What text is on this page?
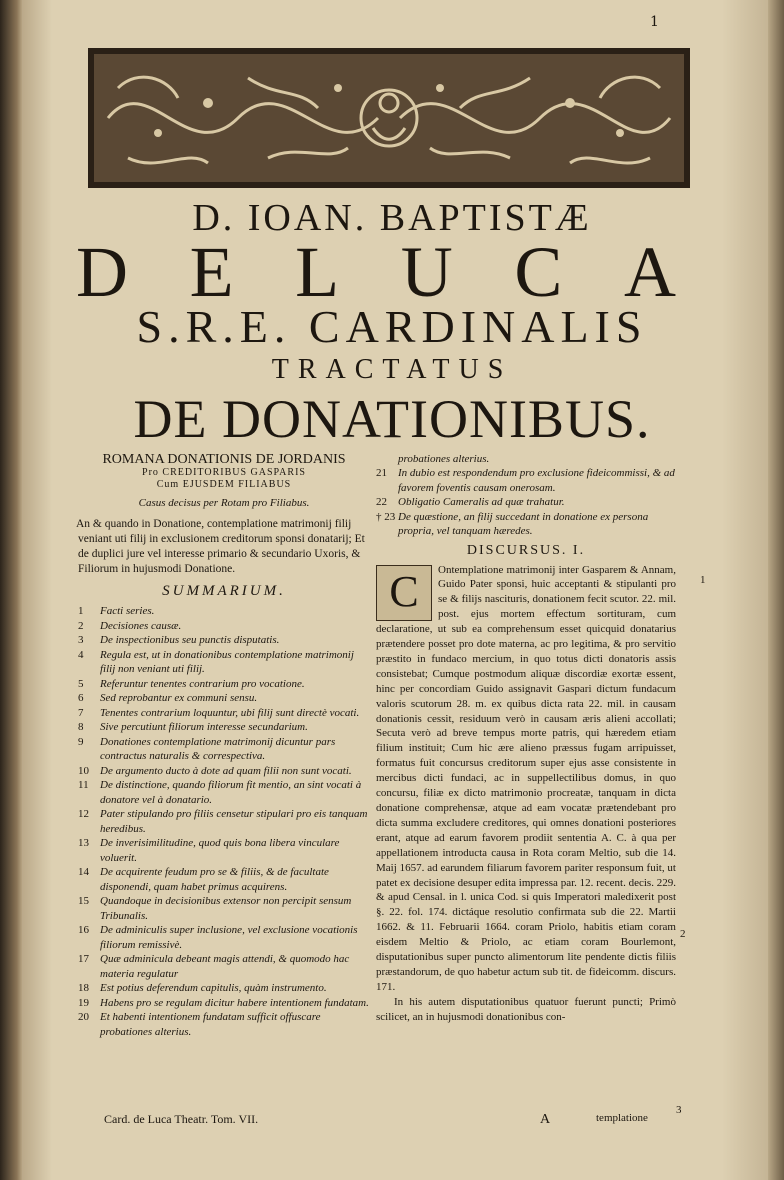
1
D. IOAN. BAPTISTÆ
D E L U C A
S.R.E. CARDINALIS
TRACTATUS
DE DONATIONIBUS.
ROMANA DONATIONIS DE JORDANIS
Pro CREDITORIBUS GASPARIS
Cum EJUSDEM FILIABUS
Casus decisus per Rotam pro Filiabus.
An & quando in Donatione, contemplatione matrimonij filij veniant uti filij in exclusionem creditorum sponsi donatarij; Et de duplici jure vel interesse primario & secundario Uxoris, & Filiorum in hujusmodi Donatione.
SUMMARIUM.
1	Facti series.
2	Decisiones causæ.
3	De inspectionibus seu punctis disputatis.
4	Regula est, ut in donationibus contemplatione matrimonij filij non veniant uti filij.
5	Referuntur tenentes contrarium pro vocatione.
6	Sed reprobantur ex communi sensu.
7	Tenentes contrarium loquuntur, ubi filij sunt directè vocati.
8	Sive percutiunt filiorum interesse secundarium.
9	Donationes contemplatione matrimonij dicuntur pars contractus naturalis & correspectiva.
10	De argumento ducto à dote ad quam filii non sunt vocati.
11	De distinctione, quando filiorum fit mentio, an sint vocati à donatore vel à donatario.
12	Pater stipulando pro filiis censetur stipulari pro eis tanquam heredibus.
13	De inverisimilitudine, quod quis bona libera vinculare voluerit.
14	De acquirente feudum pro se & filiis, & de facultate disponendi, quam habet primus acquirens.
15	Quandoque in decisionibus extensor non percipit sensum Tribunalis.
16	De adminiculis super inclusione, vel exclusione vocationis filiorum remissivè.
17	Quæ adminicula debeant magis attendi, & quomodo hac materia regulatur
18	Est potius deferendum capitulis, quàm instrumento.
19	Habens pro se regulam dicitur habere intentionem fundatam.
20	Et habenti intentionem fundatam sufficit offuscare probationes alterius.
probationes alterius.
21	In dubio est respondendum pro exclusione fideicommissi, & ad favorem foventis causam onerosam.
22	Obligatio Cameralis ad quæ trahatur.
† 23 De quæstione, an filij succedant in donatione ex persona propria, vel tanquam hæredes.
DISCURSUS. I.
C	Ontemplatione matrimonij inter Gasparem & Annam, Guido Pater sponsi, huic acceptanti & stipulanti pro se & filijs nascituris, donationem fecit scutor. 22. mil. post. ejus mortem effectum sortituram, cum declaratione, ut sub ea comprehensum esset quicquid donatarius prætendere posset pro dote materna, ac pro legitima, & pro servitio præstito in fundaco mercium, in quo totus dicti donatoris assis consistebat; Cumque postmodum aliquæ discordiæ exortæ essent, hinc per concordiam Guido assignavit Gaspari dictum fundacum valoris scutorum 28. m. ex quibus dicta rata 22. mil. in causam donationis cessit, residuum verò in causam æris alieni accollati; Secuta verò ad breve tempus morte patris, qui hæredem etiam filium instituit; Cum hic ære alieno præssus fugam arripuisset, formatus fuit concursus creditorum super ejus asse consistente in mercibus dicti fundaci, ac in suppellectilibus domus, in quo concursu, filiæ ex dicto matrimonio procreatæ, tanquam in dicta donatione comprehensæ, atque ad eam vocatæ prætendebant pro dicta summa excludere creditores, qui omnes donationi posteriores erant, atque ad earum favorem prodiit sententia A. C. à qua per appellationem introducta causa in Rota coram Meltio, sub die 14. Maij 1657. ad earundem filiarum favorem pariter responsum fuit, ut patet ex decisione desuper edita impressa par. 12. recent. decis. 229. & apud Censal. in l. unica Cod. si quis Imperatori maledixerit post §. 22. fol. 174. dictáque resolutio confirmata sub die 22. Martii 1662. & 11. Februarii 1664. coram Priolo, habitis etiam coram eisdem Meltio & Priolo, ac etiam coram Bourlemont, disputationibus super puncto alimentorum lite pendente dictis filiis præstandorum, de quo habetur actum sub tit. de fideicomm. discurs. 171.

In his autem disputationibus quatuor fuerunt puncti; Primò scilicet, an in hujusmodi donationibus con-

Card. de Luca Theatr. Tom. VII.	A	templatione
1
2
3
